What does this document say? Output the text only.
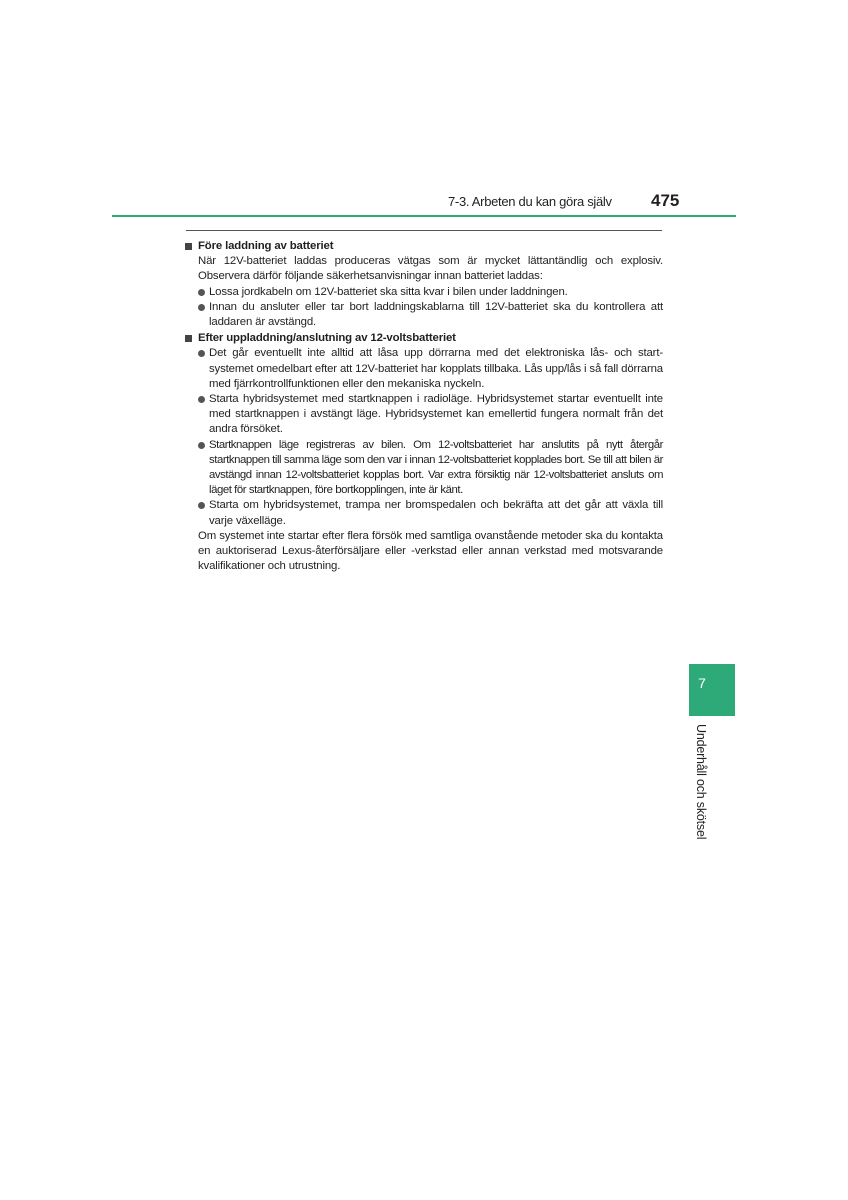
7-3. Arbeten du kan göra själv 475
Före laddning av batteriet
När 12V-batteriet laddas produceras vätgas som är mycket lättantändlig och explosiv. Observera därför följande säkerhetsanvisningar innan batteriet laddas:
Lossa jordkabeln om 12V-batteriet ska sitta kvar i bilen under laddningen.
Innan du ansluter eller tar bort laddningskablarna till 12V-batteriet ska du kontrollera att laddaren är avstängd.
Efter uppladdning/anslutning av 12-voltsbatteriet
Det går eventuellt inte alltid att låsa upp dörrarna med det elektroniska lås- och start-systemet omedelbart efter att 12V-batteriet har kopplats tillbaka. Lås upp/lås i så fall dörrarna med fjärrkontrollfunktionen eller den mekaniska nyckeln.
Starta hybridsystemet med startknappen i radioläge. Hybridsystemet startar eventuellt inte med startknappen i avstängt läge. Hybridsystemet kan emellertid fungera normalt från det andra försöket.
Startknappen läge registreras av bilen. Om 12-voltsbatteriet har anslutits på nytt återgår startknappen till samma läge som den var i innan 12-voltsbatteriet kopplades bort. Se till att bilen är avstängd innan 12-voltsbatteriet kopplas bort. Var extra försiktig när 12-voltsbatteriet ansluts om läget för startknappen, före bortkopplingen, inte är känt.
Starta om hybridsystemet, trampa ner bromspedalen och bekräfta att det går att växla till varje växelläge.
Om systemet inte startar efter flera försök med samtliga ovanstående metoder ska du kontakta en auktoriserad Lexus-återförsäljare eller -verkstad eller annan verkstad med motsvarande kvalifikationer och utrustning.
7
Underhåll och skötsel
